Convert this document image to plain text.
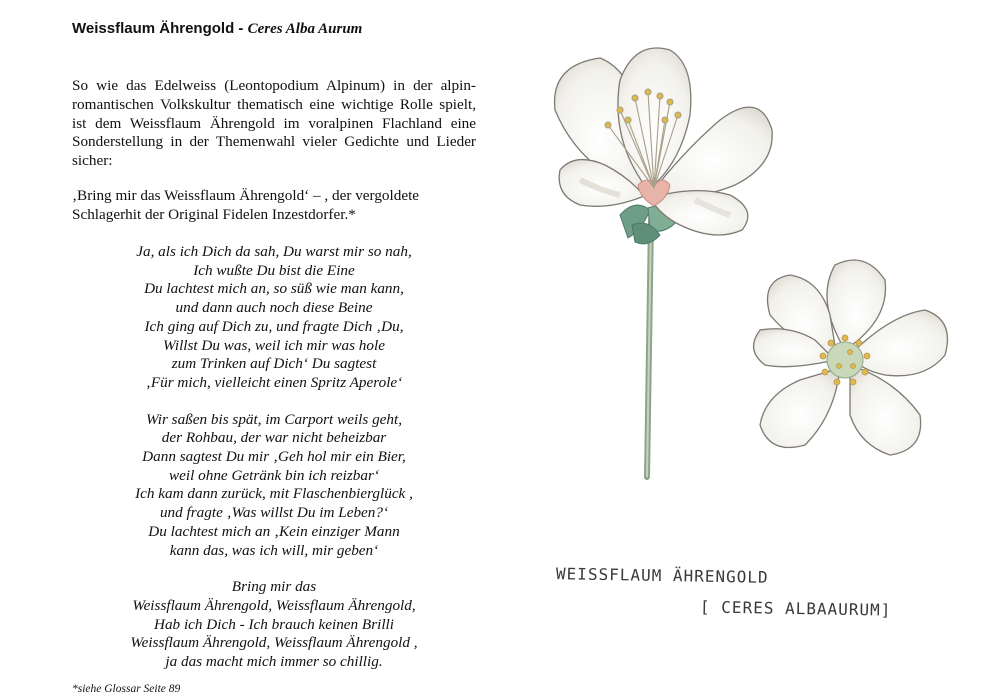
Weissflaum Ährengold - Ceres Alba Aurum

So wie das Edelweiss (Leontopodium Alpinum) in der alpin-romantischen Volkskultur thematisch eine wichtige Rolle spielt, ist dem Weissflaum Ährengold im voralpinen Flachland eine Sonderstellung in der Themenwahl vieler Gedichte und Lieder sicher:

‚Bring mir das Weissflaum Ährengold‘ – , der vergoldete
Schlagerhit der Original Fidelen Inzestdorfer.*

Ja, als ich Dich da sah, Du warst mir so nah,
Ich wußte Du bist die Eine
Du lachtest mich an, so süß wie man kann,
und dann auch noch diese Beine
Ich ging auf Dich zu, und fragte Dich ‚Du,
Willst Du was, weil ich mir was hole
zum Trinken auf Dich‘ Du sagtest
‚Für mich, vielleicht einen Spritz Aperole‘
Wir saßen bis spät, im Carport weils geht,
der Rohbau, der war nicht beheizbar
Dann sagtest Du mir ‚Geh hol mir ein Bier,
weil ohne Getränk bin ich reizbar‘
Ich kam dann zurück, mit Flaschenbierglück ,
und fragte ‚Was willst Du im Leben?‘
Du lachtest mich an ‚Kein einziger Mann
kann das, was ich will, mir geben‘
Bring mir das
Weissflaum Ährengold, Weissflaum Ährengold,
Hab ich Dich - Ich brauch keinen Brilli
Weissflaum Ährengold, Weissflaum Ährengold ,
ja das macht mich immer so chillig.
*siehe Glossar Seite 89
WEISSFLAUM ÄHRENGOLD
[ CERES ALBAAURUM]
